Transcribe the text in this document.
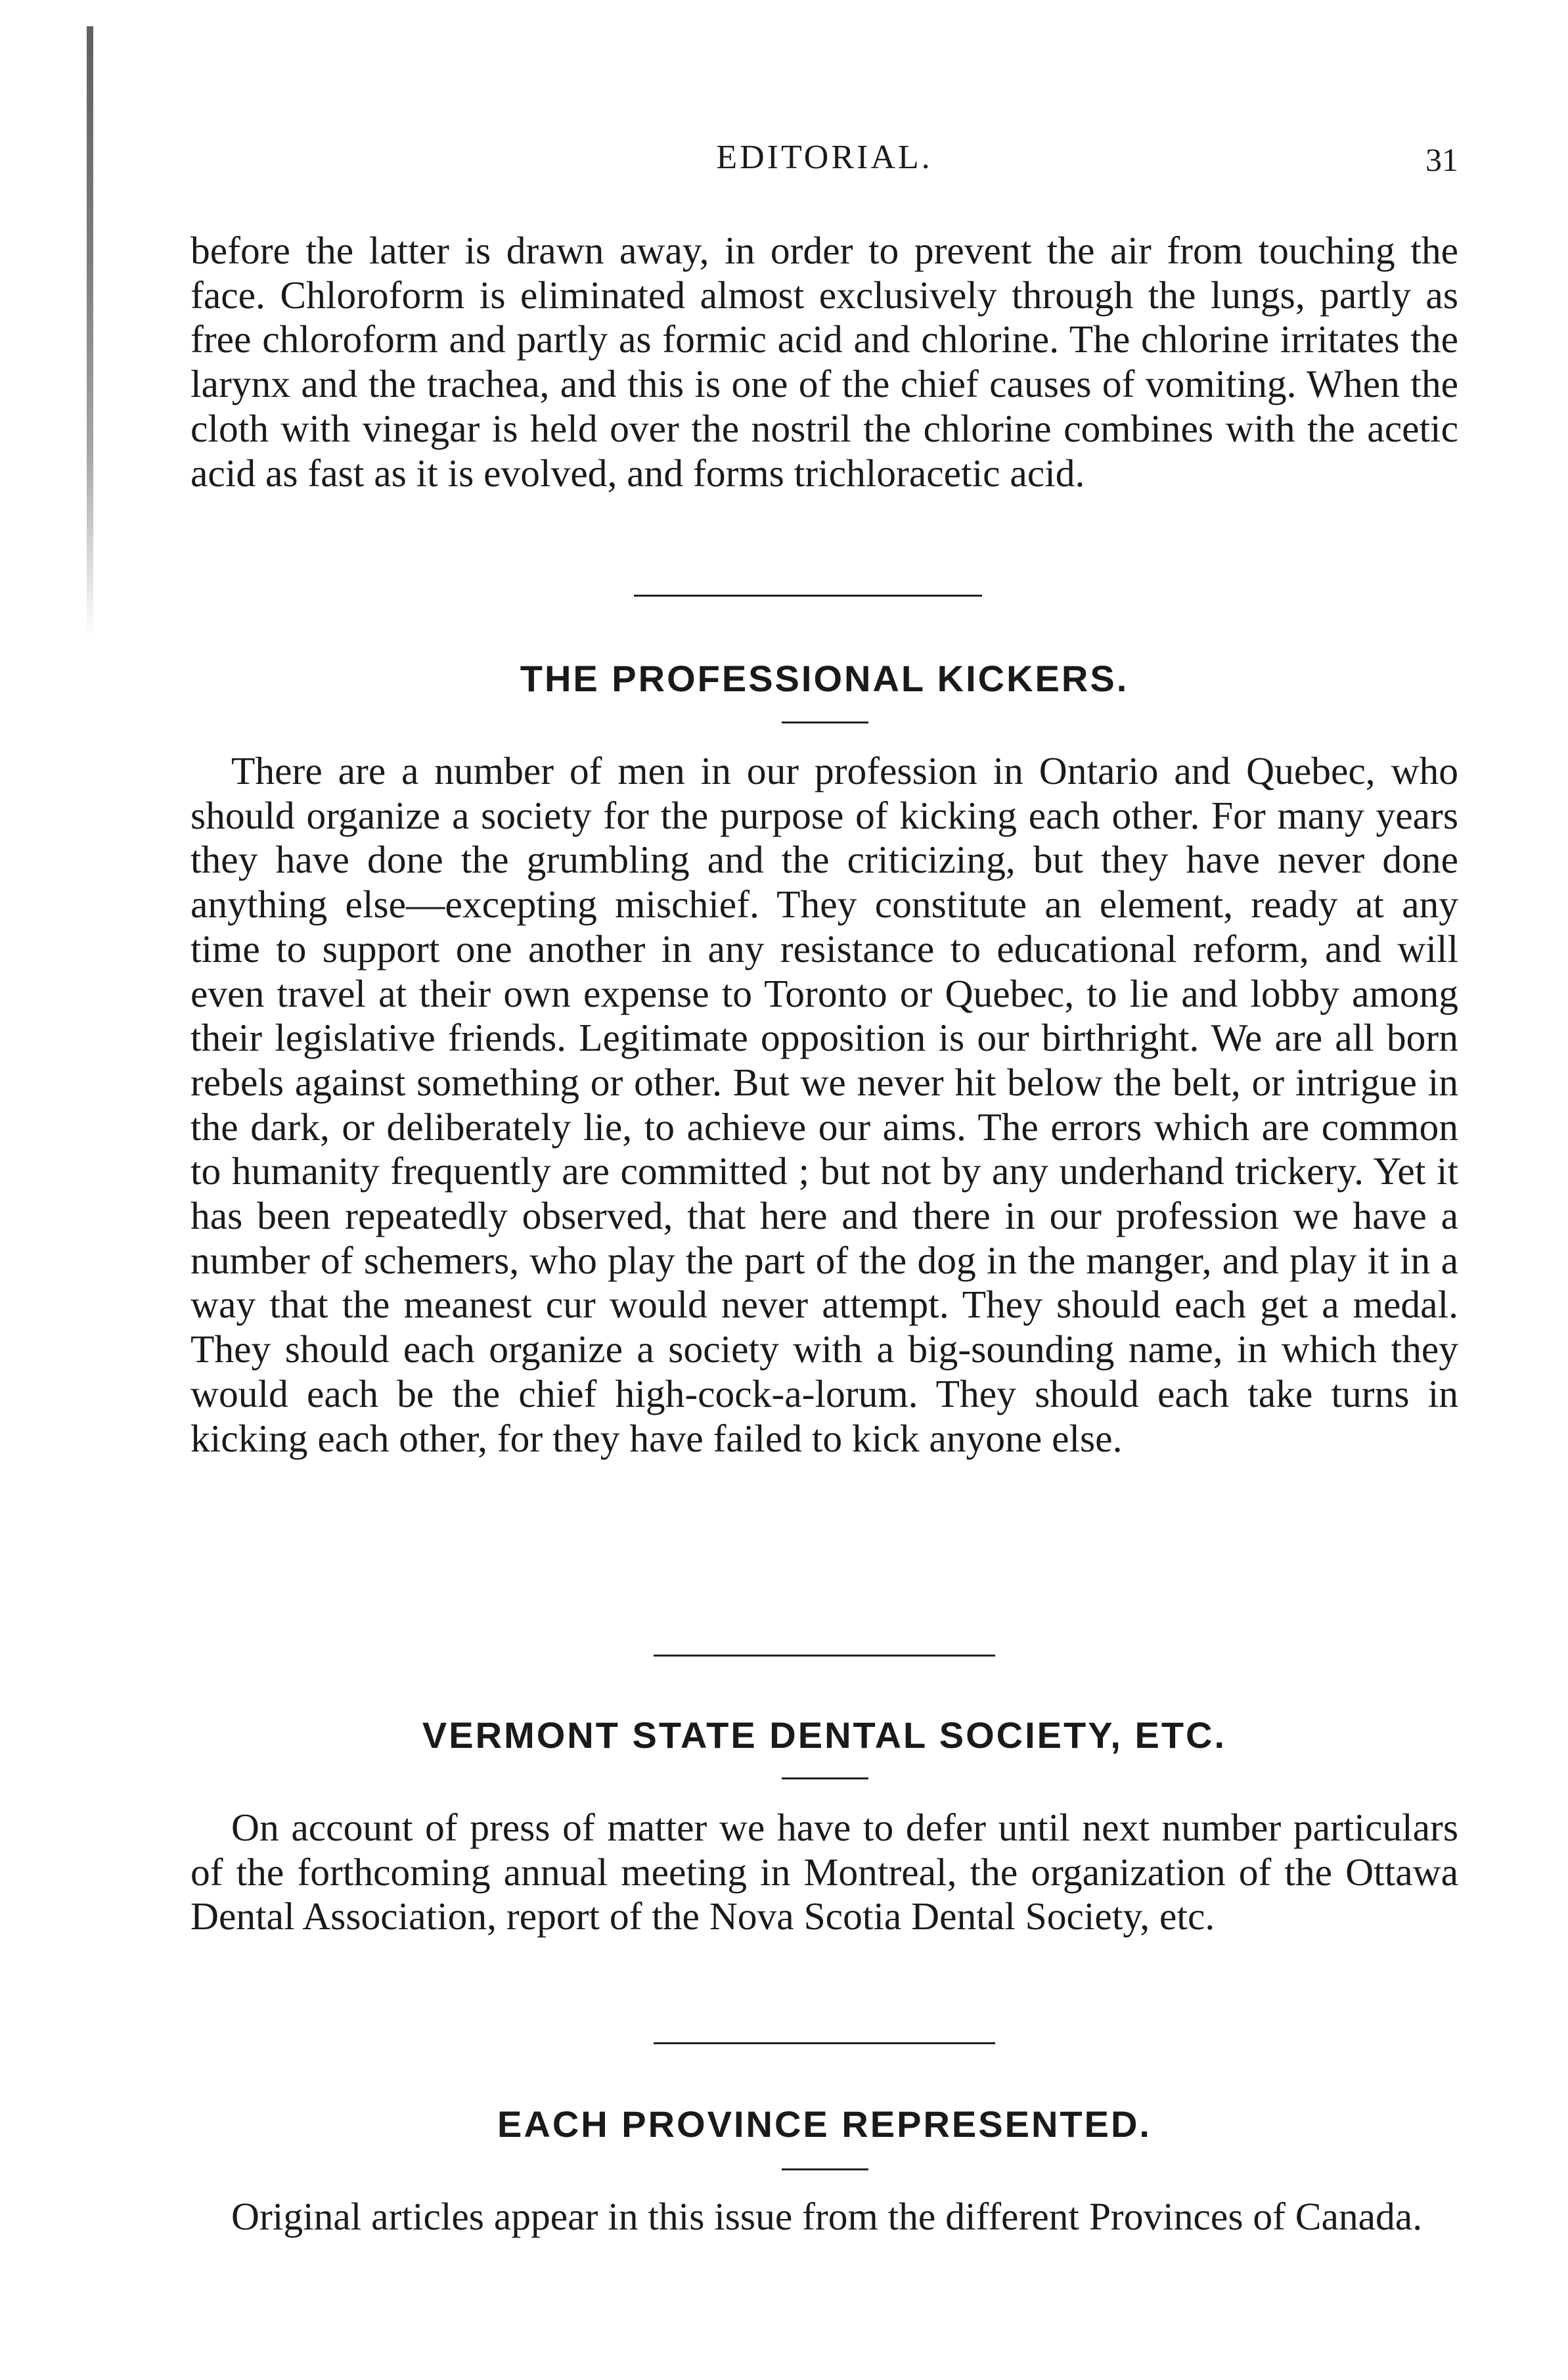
EDITORIAL.	31

before the latter is drawn away, in order to prevent the air from touching the face. Chloroform is eliminated almost exclusively through the lungs, partly as free chloroform and partly as formic acid and chlorine. The chlorine irritates the larynx and the trachea, and this is one of the chief causes of vomiting. When the cloth with vinegar is held over the nostril the chlorine combines with the acetic acid as fast as it is evolved, and forms trichloracetic acid.

THE PROFESSIONAL KICKERS.

There are a number of men in our profession in Ontario and Quebec, who should organize a society for the purpose of kicking each other. For many years they have done the grumbling and the criticizing, but they have never done anything else—excepting mischief. They constitute an element, ready at any time to support one another in any resistance to educational reform, and will even travel at their own expense to Toronto or Quebec, to lie and lobby among their legislative friends. Legitimate opposition is our birthright. We are all born rebels against something or other. But we never hit below the belt, or intrigue in the dark, or deliberately lie, to achieve our aims. The errors which are common to humanity frequently are committed ; but not by any underhand trickery. Yet it has been repeatedly observed, that here and there in our profession we have a number of schemers, who play the part of the dog in the manger, and play it in a way that the meanest cur would never attempt. They should each get a medal. They should each organize a society with a big-sounding name, in which they would each be the chief high-cock-a-lorum. They should each take turns in kicking each other, for they have failed to kick anyone else.

VERMONT STATE DENTAL SOCIETY, ETC.

On account of press of matter we have to defer until next number particulars of the forthcoming annual meeting in Montreal, the organization of the Ottawa Dental Association, report of the Nova Scotia Dental Society, etc.

EACH PROVINCE REPRESENTED.

Original articles appear in this issue from the different Provinces of Canada.
